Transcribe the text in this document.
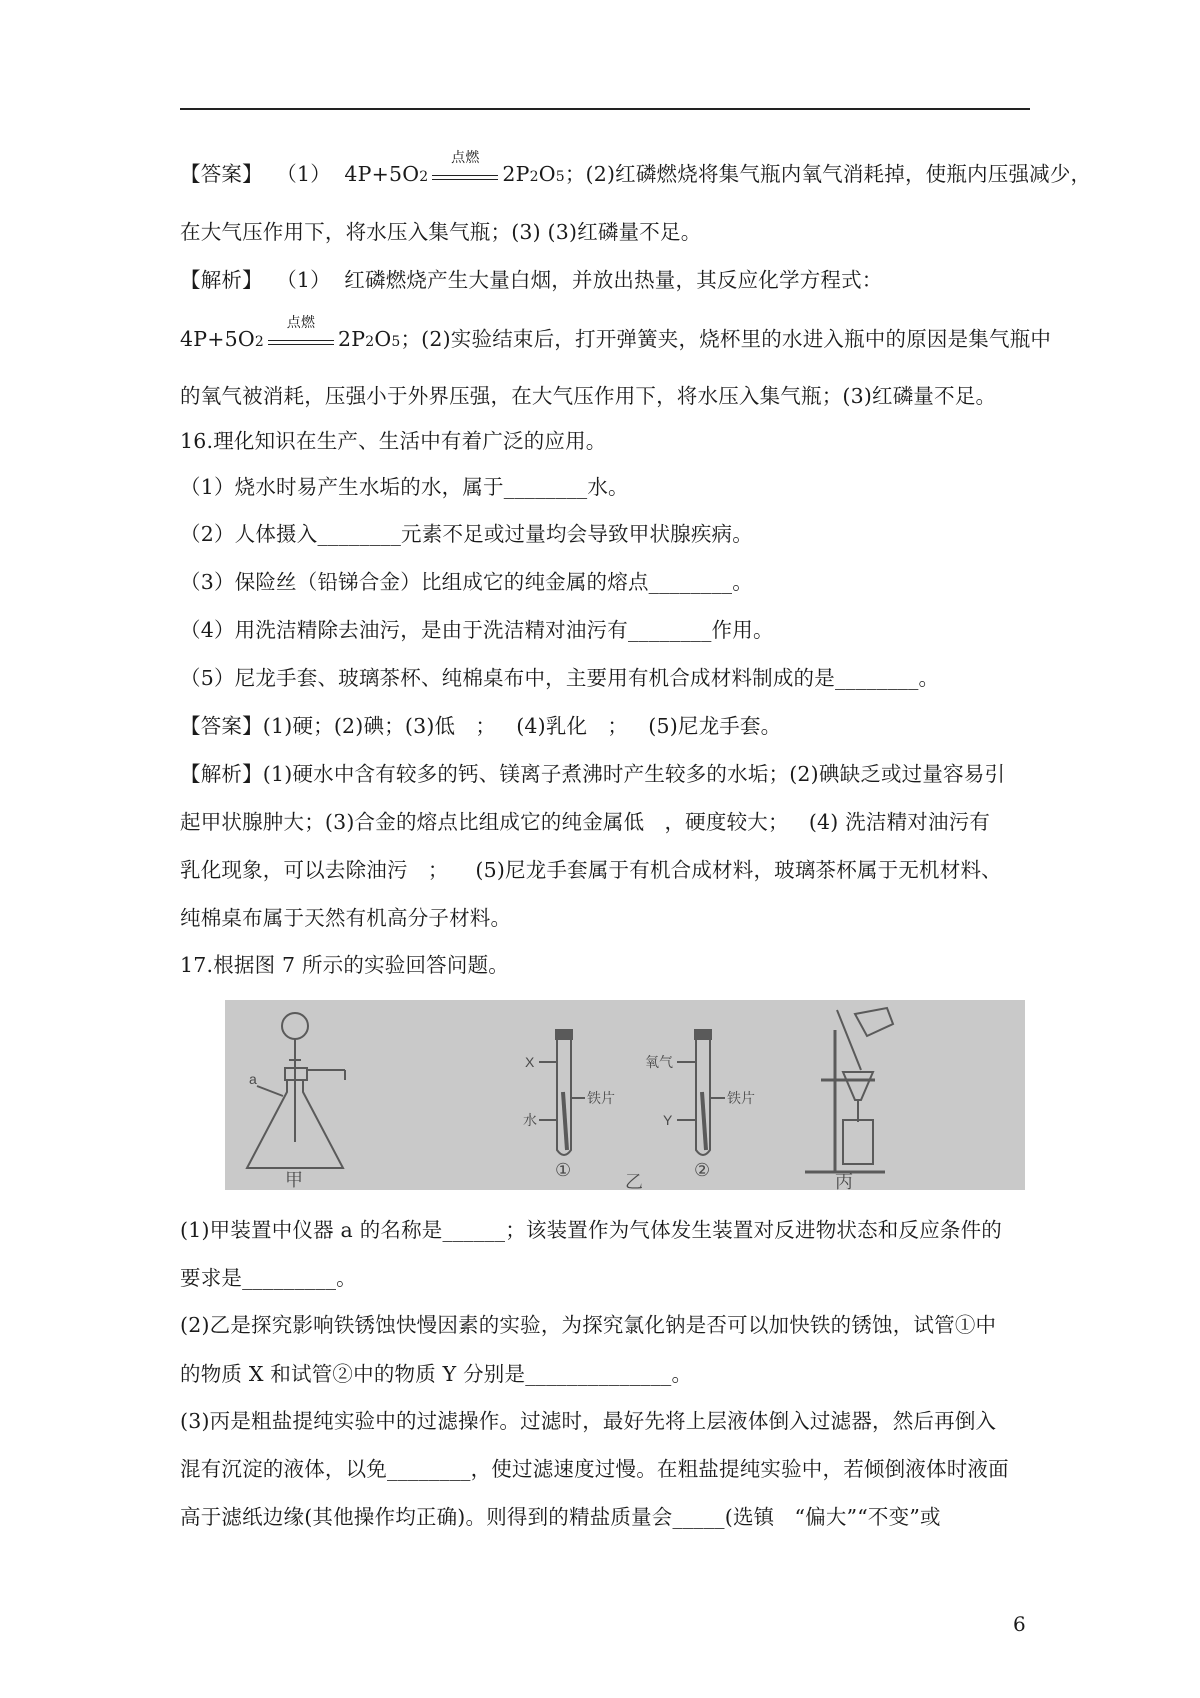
【答案】 （1） 4P+5O2
点燃
2P2O5；(2)红磷燃烧将集气瓶内氧气消耗掉，使瓶内压强减少，
在大气压作用下，将水压入集气瓶；(3) (3)红磷量不足。
【解析】  （1）  红磷燃烧产生大量白烟，并放出热量，其反应化学方程式：
4P+5O2
点燃
2P2O5；(2)实验结束后，打开弹簧夹，烧杯里的水进入瓶中的原因是集气瓶中
的氧气被消耗，压强小于外界压强，在大气压作用下，将水压入集气瓶；(3)红磷量不足。
16.理化知识在生产、生活中有着广泛的应用。
（1）烧水时易产生水垢的水，属于________水。
（2）人体摄入________元素不足或过量均会导致甲状腺疾病。
（3）保险丝（铅锑合金）比组成它的纯金属的熔点________。
（4）用洗洁精除去油污，是由于洗洁精对油污有________作用。
（5）尼龙手套、玻璃茶杯、纯棉桌布中，主要用有机合成材料制成的是________。
【答案】(1)硬；(2)碘；(3)低   ；   (4)乳化   ；   (5)尼龙手套。
【解析】(1)硬水中含有较多的钙、镁离子煮沸时产生较多的水垢；(2)碘缺乏或过量容易引
起甲状腺肿大；(3)合金的熔点比组成它的纯金属低   ，硬度较大；   (4) 洗洁精对油污有
乳化现象，可以去除油污   ；    (5)尼龙手套属于有机合成材料，玻璃茶杯属于无机材料、
纯棉桌布属于天然有机高分子材料。
17.根据图 7 所示的实验回答问题。
a
甲
X
铁片
水
①
氧气
铁片
Y
②
乙	丙
(1)甲装置中仪器 a 的名称是______；该装置作为气体发生装置对反进物状态和反应条件的
要求是_________。
(2)乙是探究影响铁锈蚀快慢因素的实验，为探究氯化钠是否可以加快铁的锈蚀，试管①中
的物质 X 和试管②中的物质 Y 分别是______________。
(3)丙是粗盐提纯实验中的过滤操作。过滤时，最好先将上层液体倒入过滤器，然后再倒入
混有沉淀的液体，以免________，使过滤速度过慢。在粗盐提纯实验中，若倾倒液体时液面
高于滤纸边缘(其他操作均正确)。则得到的精盐质量会_____(选镇   “偏大”“不变”或
6
